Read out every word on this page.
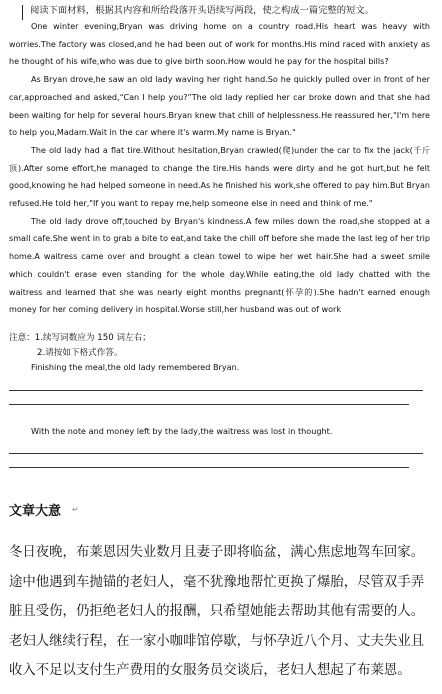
阅读下面材料，根据其内容和所给段落开头语续写两段，使之构成一篇完整的短文。

One winter evening,Bryan was driving home on a country road.His heart was heavy with worries.The factory was closed,and he had been out of work for months.His mind raced with anxiety as he thought of his wife,who was due to give birth soon.How would he pay for the hospital bills?

As Bryan drove,he saw an old lady waving her right hand.So he quickly pulled over in front of her car,approached and asked,“Can I help you?”The old lady replied her car broke down and that she had been waiting for help for several hours.Bryan knew that chill of helplessness.He reassured her,"I'm here to help you,Madam.Wait in the car where it's warm.My name is Bryan."

The old lady had a flat tire.Without hesitation,Bryan crawled(爬)under the car to fix the jack(千斤顶).After some effort,he managed to change the tire.His hands were dirty and he got hurt,but he felt good,knowing he had helped someone in need.As he finished his work,she offered to pay him.But Bryan refused.He told her,"If you want to repay me,help someone else in need and think of me."

The old lady drove off,touched by Bryan's kindness.A few miles down the road,she stopped at a small cafe.She went in to grab a bite to eat,and take the chill off before she made the last leg of her trip home.A waitress came over and brought a clean towel to wipe her wet hair.She had a sweet smile which couldn't erase even standing for the whole day.While eating,the old lady chatted with the waitress and learned that she was nearly eight months pregnant(怀孕的).She hadn't earned enough money for her coming delivery in hospital.Worse still,her husband was out of work

注意：1.续写词数应为 150 词左右；
2.请按如下格式作答。
Finishing the meal,the old lady remembered Bryan.
With the note and money left by the lady,the waitress was lost in thought.
文章大意 ↵

冬日夜晚，布莱恩因失业数月且妻子即将临盆，满心焦虑地驾车回家。

途中他遇到车抛锚的老妇人，毫不犹豫地帮忙更换了爆胎，尽管双手弄

脏且受伤，仍拒绝老妇人的报酬，只希望她能去帮助其他有需要的人。

老妇人继续行程，在一家小咖啡馆停歇，与怀孕近八个月、丈夫失业且

收入不足以支付生产费用的女服务员交谈后，老妇人想起了布莱恩。
